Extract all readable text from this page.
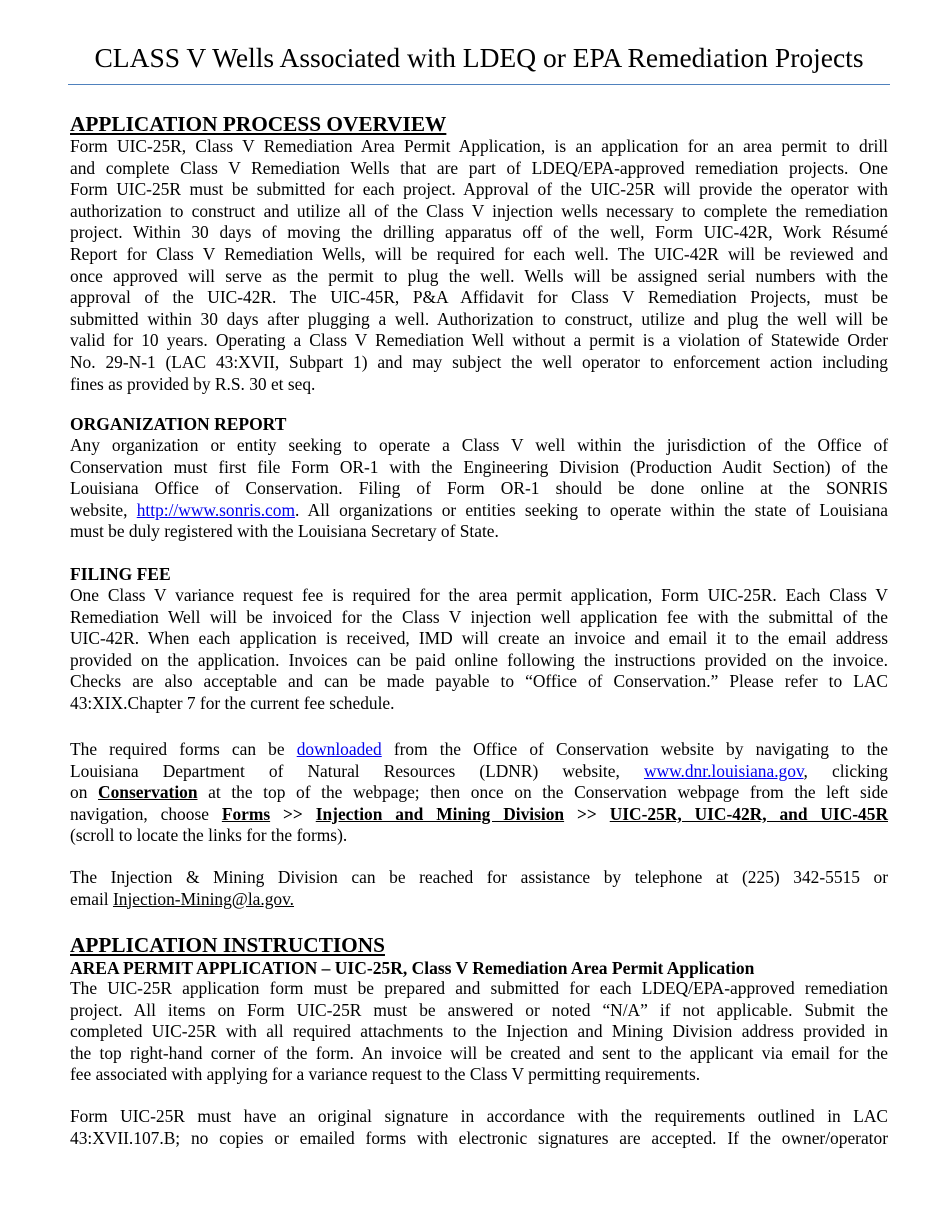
CLASS V Wells Associated with LDEQ or EPA Remediation Projects
APPLICATION PROCESS OVERVIEW
Form UIC-25R, Class V Remediation Area Permit Application, is an application for an area permit to drill
and complete Class V Remediation Wells that are part of LDEQ/EPA-approved remediation projects. One
Form UIC-25R must be submitted for each project. Approval of the UIC-25R will provide the operator with
authorization to construct and utilize all of the Class V injection wells necessary to complete the remediation
project. Within 30 days of moving the drilling apparatus off of the well, Form UIC-42R, Work Résumé
Report for Class V Remediation Wells, will be required for each well. The UIC-42R will be reviewed and
once approved will serve as the permit to plug the well. Wells will be assigned serial numbers with the
approval of the UIC-42R. The UIC-45R, P&A Affidavit for Class V Remediation Projects, must be
submitted within 30 days after plugging a well. Authorization to construct, utilize and plug the well will be
valid for 10 years. Operating a Class V Remediation Well without a permit is a violation of Statewide Order
No. 29-N-1 (LAC 43:XVII, Subpart 1) and may subject the well operator to enforcement action including
fines as provided by R.S. 30 et seq.
ORGANIZATION REPORT
Any organization or entity seeking to operate a Class V well within the jurisdiction of the Office of
Conservation must first file Form OR-1 with the Engineering Division (Production Audit Section) of the
Louisiana Office of Conservation. Filing of Form OR-1 should be done online at the SONRIS
website, http://www.sonris.com. All organizations or entities seeking to operate within the state of Louisiana
must be duly registered with the Louisiana Secretary of State.
FILING FEE
One Class V variance request fee is required for the area permit application, Form UIC-25R. Each Class V
Remediation Well will be invoiced for the Class V injection well application fee with the submittal of the
UIC-42R. When each application is received, IMD will create an invoice and email it to the email address
provided on the application. Invoices can be paid online following the instructions provided on the invoice.
Checks are also acceptable and can be made payable to “Office of Conservation.” Please refer to LAC
43:XIX.Chapter 7 for the current fee schedule.
The required forms can be downloaded from the Office of Conservation website by navigating to the
Louisiana Department of Natural Resources (LDNR) website, www.dnr.louisiana.gov, clicking
on Conservation at the top of the webpage; then once on the Conservation webpage from the left side
navigation, choose Forms >> Injection and Mining Division >> UIC-25R, UIC-42R, and UIC-45R
(scroll to locate the links for the forms).
The Injection & Mining Division can be reached for assistance by telephone at (225) 342-5515 or
email Injection-Mining@la.gov.
APPLICATION INSTRUCTIONS
AREA PERMIT APPLICATION – UIC-25R, Class V Remediation Area Permit Application
The UIC-25R application form must be prepared and submitted for each LDEQ/EPA-approved remediation
project. All items on Form UIC-25R must be answered or noted “N/A” if not applicable. Submit the
completed UIC-25R with all required attachments to the Injection and Mining Division address provided in
the top right-hand corner of the form. An invoice will be created and sent to the applicant via email for the
fee associated with applying for a variance request to the Class V permitting requirements.
Form UIC-25R must have an original signature in accordance with the requirements outlined in LAC
43:XVII.107.B; no copies or emailed forms with electronic signatures are accepted. If the owner/operator
